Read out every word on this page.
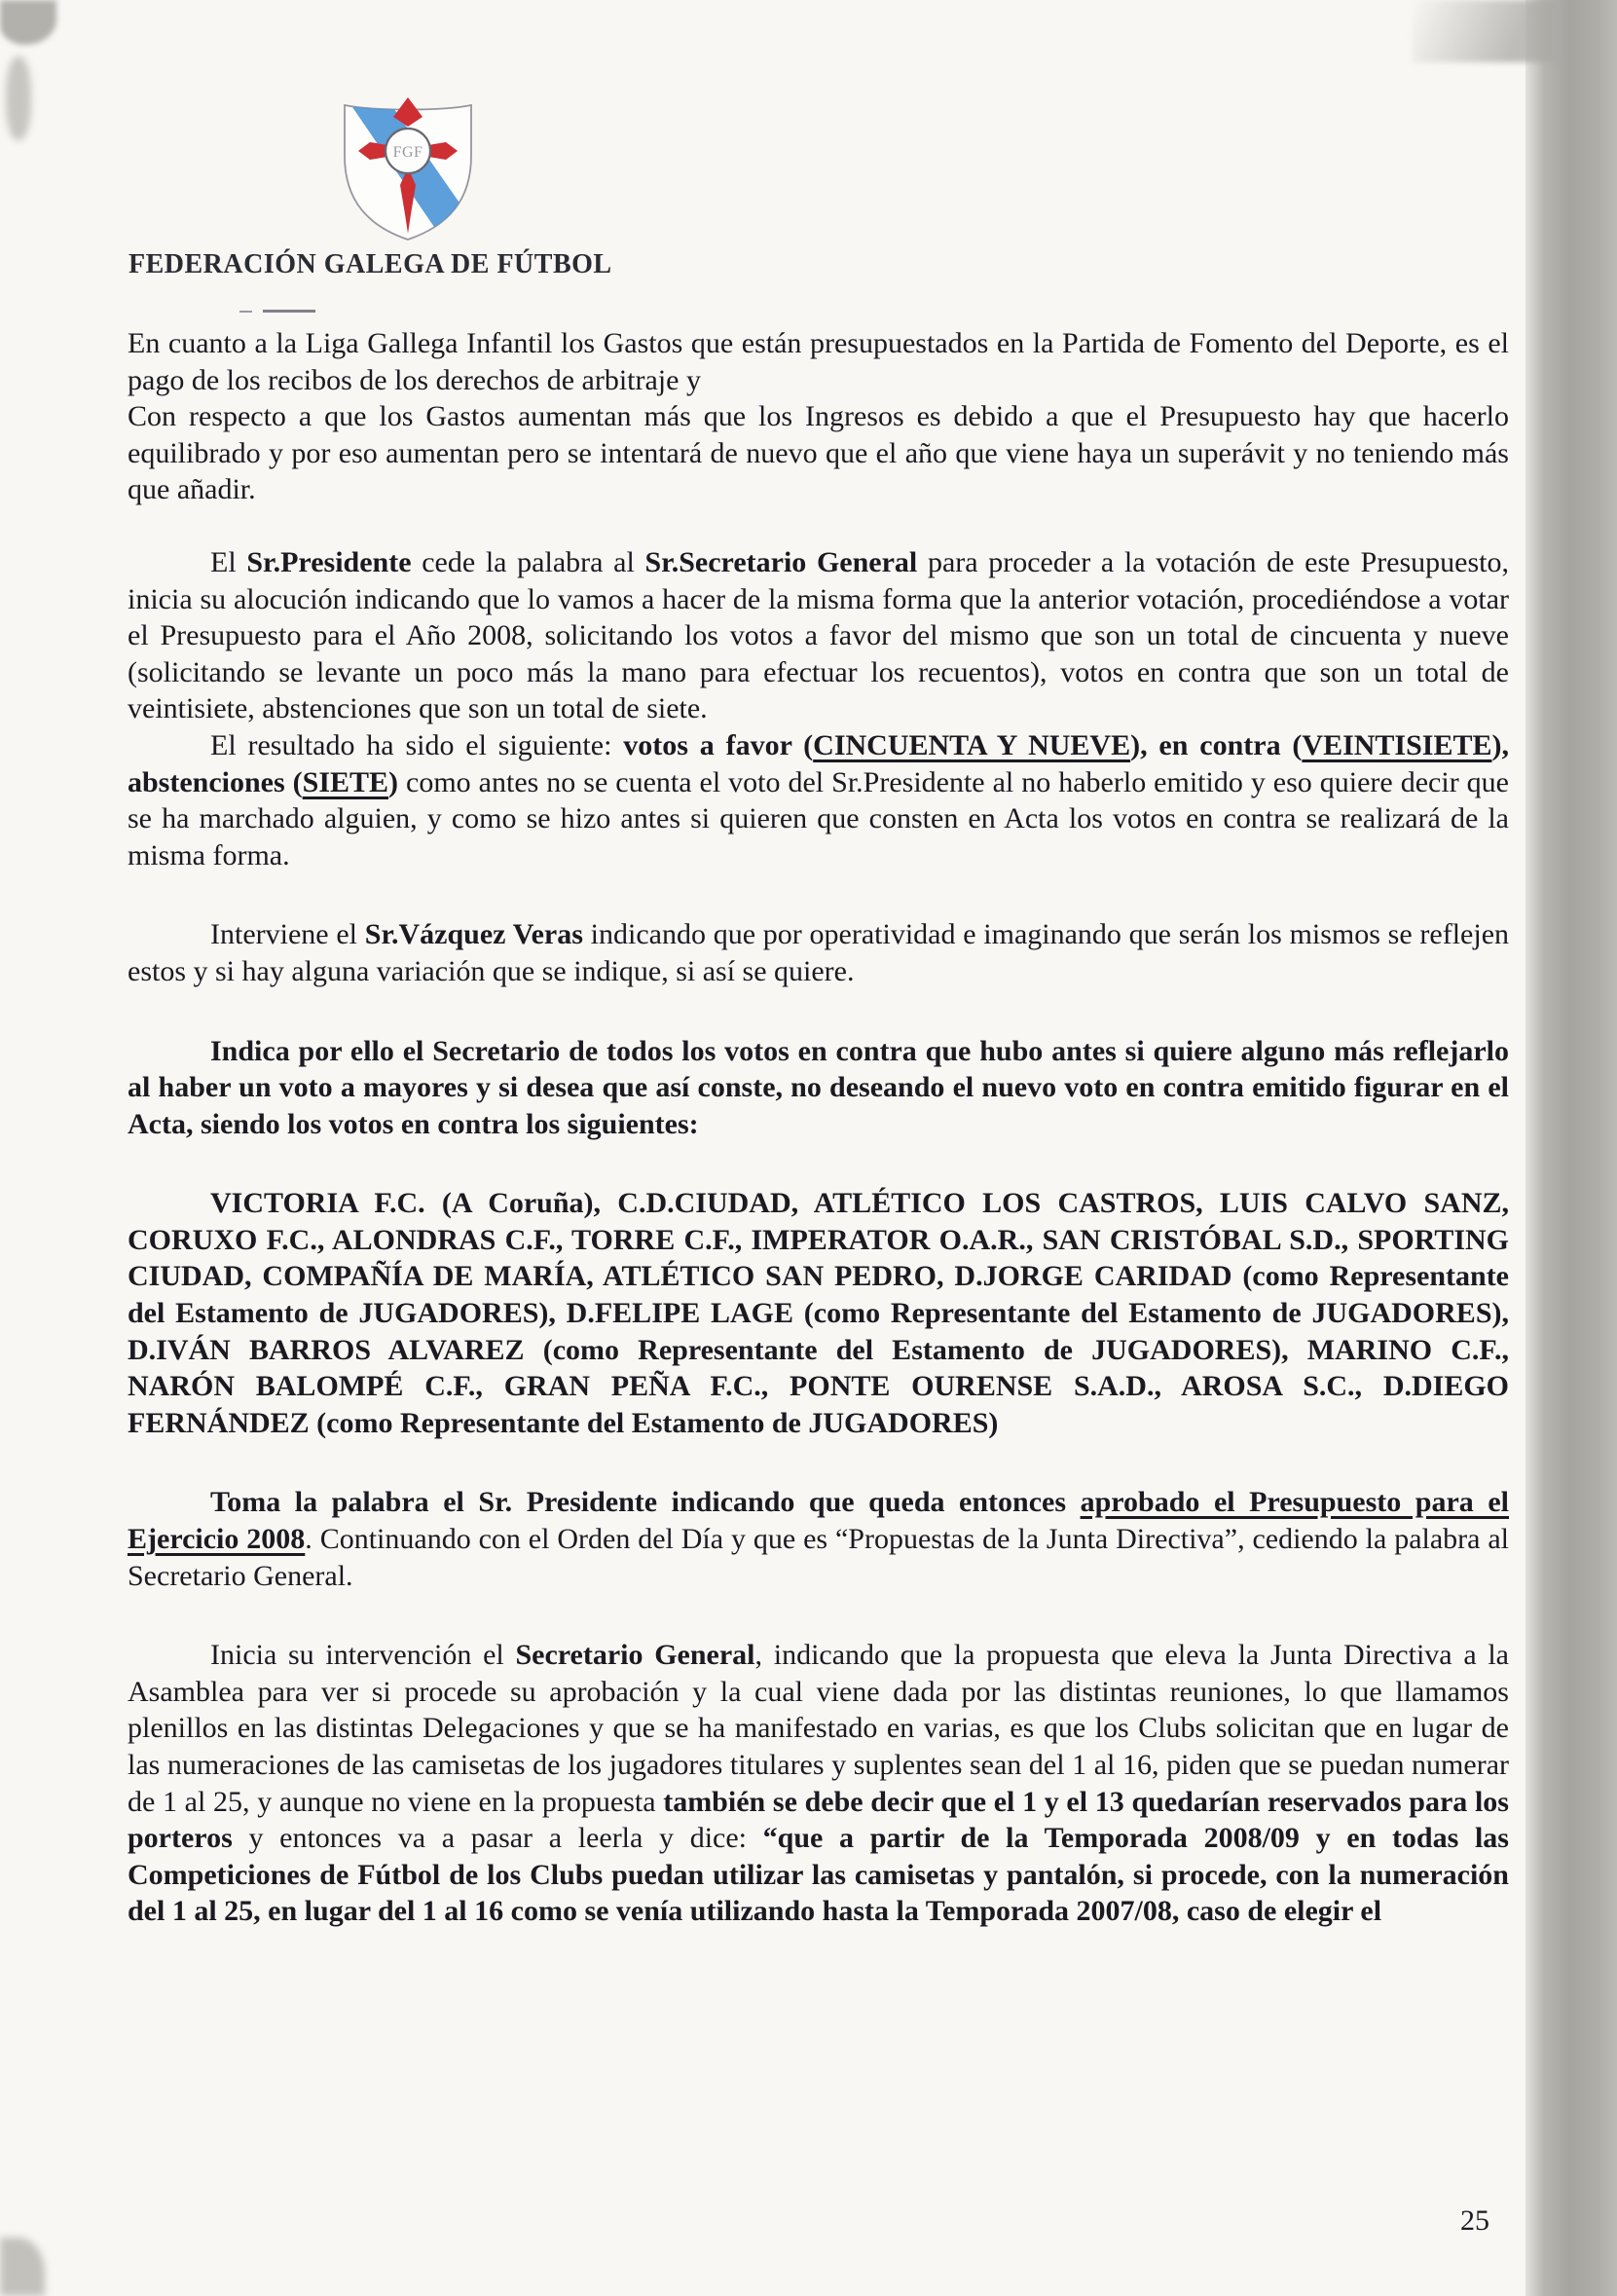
FGF
FEDERACIÓN GALEGA DE FÚTBOL

En cuanto a la Liga Gallega Infantil los Gastos que están presupuestados en la Partida de Fomento del Deporte, es el pago de los recibos de los derechos de arbitraje y
Con respecto a que los Gastos aumentan más que los Ingresos es debido a que el Presupuesto hay que hacerlo equilibrado y por eso aumentan pero se intentará de nuevo que el año que viene haya un superávit y no teniendo más que añadir.

El Sr.Presidente cede la palabra al Sr.Secretario General para proceder a la votación de este Presupuesto, inicia su alocución indicando que lo vamos a hacer de la misma forma que la anterior votación, procediéndose a votar el Presupuesto para el Año 2008, solicitando los votos a favor del mismo que son un total de cincuenta y nueve (solicitando se levante un poco más la mano para efectuar los recuentos), votos en contra que son un total de veintisiete, abstenciones que son un total de siete.

El resultado ha sido el siguiente: votos a favor (CINCUENTA Y NUEVE), en contra (VEINTISIETE), abstenciones (SIETE) como antes no se cuenta el voto del Sr.Presidente al no haberlo emitido y eso quiere decir que se ha marchado alguien, y como se hizo antes si quieren que consten en Acta los votos en contra se realizará de la misma forma.

Interviene el Sr.Vázquez Veras indicando que por operatividad e imaginando que serán los mismos se reflejen estos y si hay alguna variación que se indique, si así se quiere.

Indica por ello el Secretario de todos los votos en contra que hubo antes si quiere alguno más reflejarlo al haber un voto a mayores y si desea que así conste, no deseando el nuevo voto en contra emitido figurar en el Acta, siendo los votos en contra los siguientes:

VICTORIA F.C. (A Coruña), C.D.CIUDAD, ATLÉTICO LOS CASTROS, LUIS CALVO SANZ, CORUXO F.C., ALONDRAS C.F., TORRE C.F., IMPERATOR O.A.R., SAN CRISTÓBAL S.D., SPORTING CIUDAD, COMPAÑÍA DE MARÍA, ATLÉTICO SAN PEDRO, D.JORGE CARIDAD (como Representante del Estamento de JUGADORES), D.FELIPE LAGE (como Representante del Estamento de JUGADORES), D.IVÁN BARROS ALVAREZ (como Representante del Estamento de JUGADORES), MARINO C.F., NARÓN BALOMPÉ C.F., GRAN PEÑA F.C., PONTE OURENSE S.A.D., AROSA S.C., D.DIEGO FERNÁNDEZ (como Representante del Estamento de JUGADORES)

Toma la palabra el Sr. Presidente indicando que queda entonces aprobado el Presupuesto para el Ejercicio 2008. Continuando con el Orden del Día y que es “Propuestas de la Junta Directiva”, cediendo la palabra al Secretario General.

Inicia su intervención el Secretario General, indicando que la propuesta que eleva la Junta Directiva a la Asamblea para ver si procede su aprobación y la cual viene dada por las distintas reuniones, lo que llamamos plenillos en las distintas Delegaciones y que se ha manifestado en varias, es que los Clubs solicitan que en lugar de las numeraciones de las camisetas de los jugadores titulares y suplentes sean del 1 al 16, piden que se puedan numerar de 1 al 25, y aunque no viene en la propuesta también se debe decir que el 1 y el 13 quedarían reservados para los porteros y entonces va a pasar a leerla y dice: “que a partir de la Temporada 2008/09 y en todas las Competiciones de Fútbol de los Clubs puedan utilizar las camisetas y pantalón, si procede, con la numeración del 1 al 25, en lugar del 1 al 16 como se venía utilizando hasta la Temporada 2007/08, caso de elegir el

25
